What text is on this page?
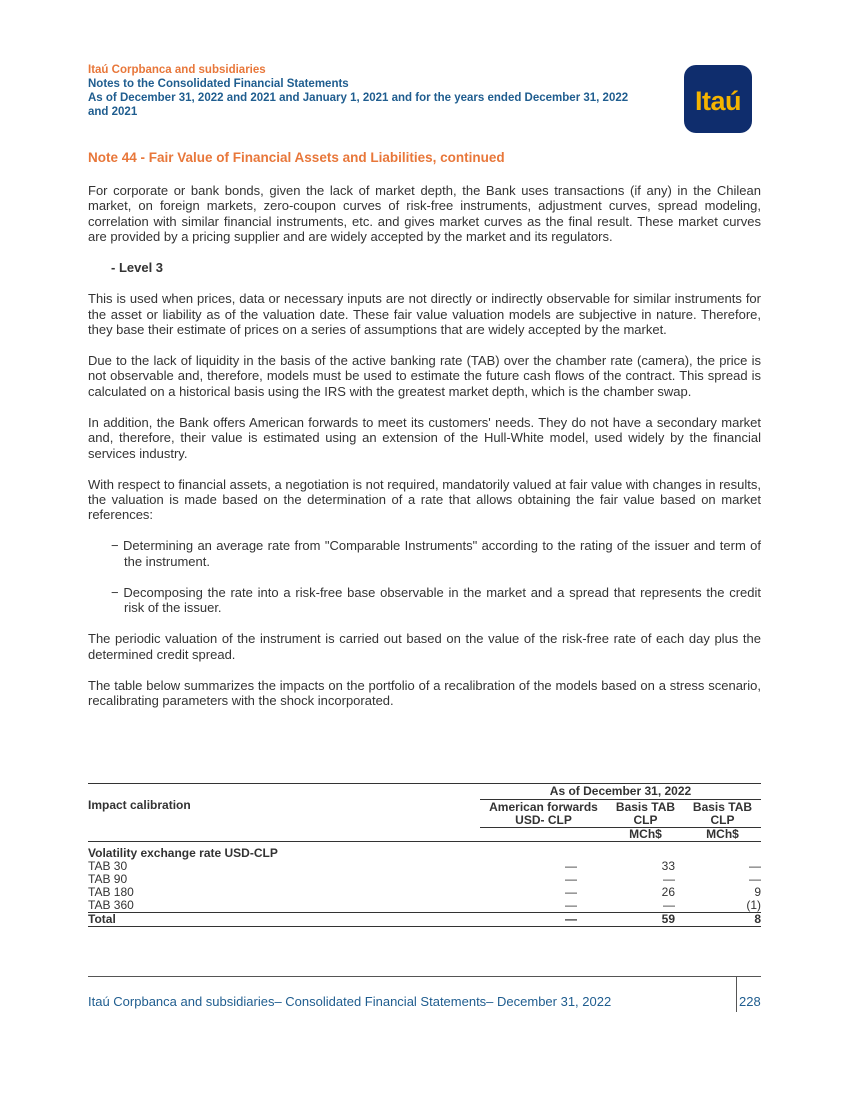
Itaú Corpbanca and subsidiaries
Notes to the Consolidated Financial Statements
As of December 31, 2022 and 2021 and January 1, 2021 and for the years ended December 31, 2022
and 2021	Itaú
Note 44 - Fair Value of Financial Assets and Liabilities, continued

For corporate or bank bonds, given the lack of market depth, the Bank uses transactions (if any) in the Chilean market, on foreign markets, zero-coupon curves of risk-free instruments, adjustment curves, spread modeling, correlation with similar financial instruments, etc. and gives market curves as the final result. These market curves are provided by a pricing supplier and are widely accepted by the market and its regulators.

- Level 3

This is used when prices, data or necessary inputs are not directly or indirectly observable for similar instruments for the asset or liability as of the valuation date. These fair value valuation models are subjective in nature. Therefore, they base their estimate of prices on a series of assumptions that are widely accepted by the market.

Due to the lack of liquidity in the basis of the active banking rate (TAB) over the chamber rate (camera), the price is not observable and, therefore, models must be used to estimate the future cash flows of the contract. This spread is calculated on a historical basis using the IRS with the greatest market depth, which is the chamber swap.

In addition, the Bank offers American forwards to meet its customers' needs. They do not have a secondary market and, therefore, their value is estimated using an extension of the Hull-White model, used widely by the financial services industry.

With respect to financial assets, a negotiation is not required, mandatorily valued at fair value with changes in results, the valuation is made based on the determination of a rate that allows obtaining the fair value based on market references:

− Determining an average rate from "Comparable Instruments" according to the rating of the issuer and term of the instrument.
− Decomposing the rate into a risk-free base observable in the market and a spread that represents the credit risk of the issuer.

The periodic valuation of the instrument is carried out based on the value of the risk-free rate of each day plus the determined credit spread.

The table below summarizes the impacts on the portfolio of a recalibration of the models based on a stress scenario, recalibrating parameters with the shock incorporated.

Impact calibration	As of December 31, 2022		
	American forwards	Basis TAB	Basis TAB
	USD- CLP	CLP	CLP
		MCh$	MCh$
Volatility exchange rate USD-CLP			
TAB 30	—	33	—
TAB 90	—	—	—
TAB 180	—	26	9
TAB 360	—	—	(1)
Total	—	59	8
Itaú Corpbanca and subsidiaries– Consolidated Financial Statements– December 31, 2022	228
